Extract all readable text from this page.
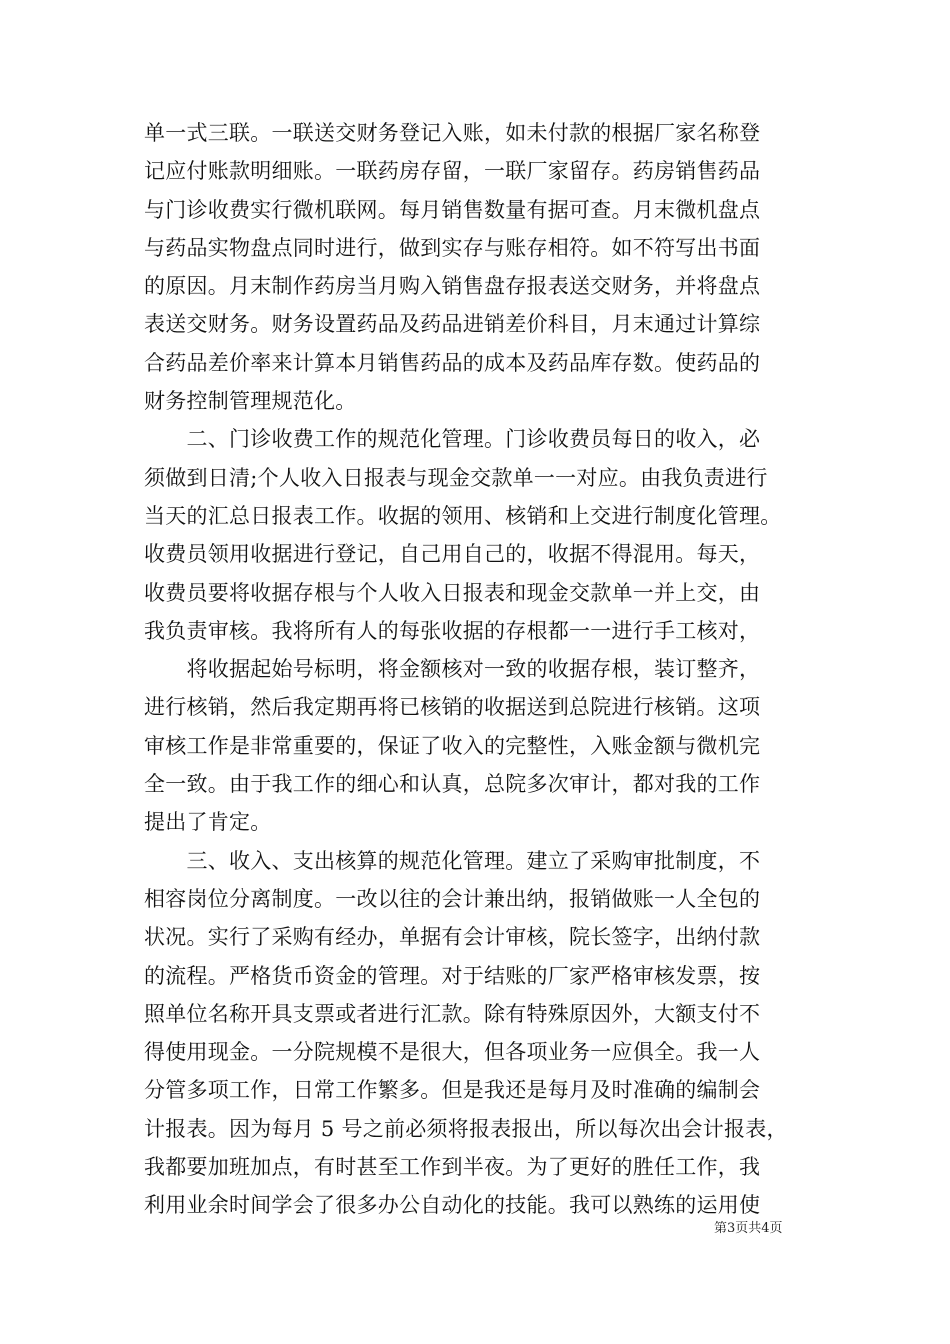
单一式三联。一联送交财务登记入账，如未付款的根据厂家名称登
记应付账款明细账。一联药房存留，一联厂家留存。药房销售药品
与门诊收费实行微机联网。每月销售数量有据可查。月末微机盘点
与药品实物盘点同时进行，做到实存与账存相符。如不符写出书面
的原因。月末制作药房当月购入销售盘存报表送交财务，并将盘点
表送交财务。财务设置药品及药品进销差价科目，月末通过计算综
合药品差价率来计算本月销售药品的成本及药品库存数。使药品的
财务控制管理规范化。
　　二、门诊收费工作的规范化管理。门诊收费员每日的收入，必
须做到日清;个人收入日报表与现金交款单一一对应。由我负责进行
当天的汇总日报表工作。收据的领用、核销和上交进行制度化管理。
收费员领用收据进行登记，自己用自己的，收据不得混用。每天，
收费员要将收据存根与个人收入日报表和现金交款单一并上交，由
我负责审核。我将所有人的每张收据的存根都一一进行手工核对，
　　将收据起始号标明，将金额核对一致的收据存根，装订整齐，
进行核销，然后我定期再将已核销的收据送到总院进行核销。这项
审核工作是非常重要的，保证了收入的完整性，入账金额与微机完
全一致。由于我工作的细心和认真，总院多次审计，都对我的工作
提出了肯定。
　　三、收入、支出核算的规范化管理。建立了采购审批制度，不
相容岗位分离制度。一改以往的会计兼出纳，报销做账一人全包的
状况。实行了采购有经办，单据有会计审核，院长签字，出纳付款
的流程。严格货币资金的管理。对于结账的厂家严格审核发票，按
照单位名称开具支票或者进行汇款。除有特殊原因外，大额支付不
得使用现金。一分院规模不是很大，但各项业务一应俱全。我一人
分管多项工作，日常工作繁多。但是我还是每月及时准确的编制会
计报表。因为每月 5 号之前必须将报表报出，所以每次出会计报表，
我都要加班加点，有时甚至工作到半夜。为了更好的胜任工作，我
利用业余时间学会了很多办公自动化的技能。我可以熟练的运用使
第3页共4页
